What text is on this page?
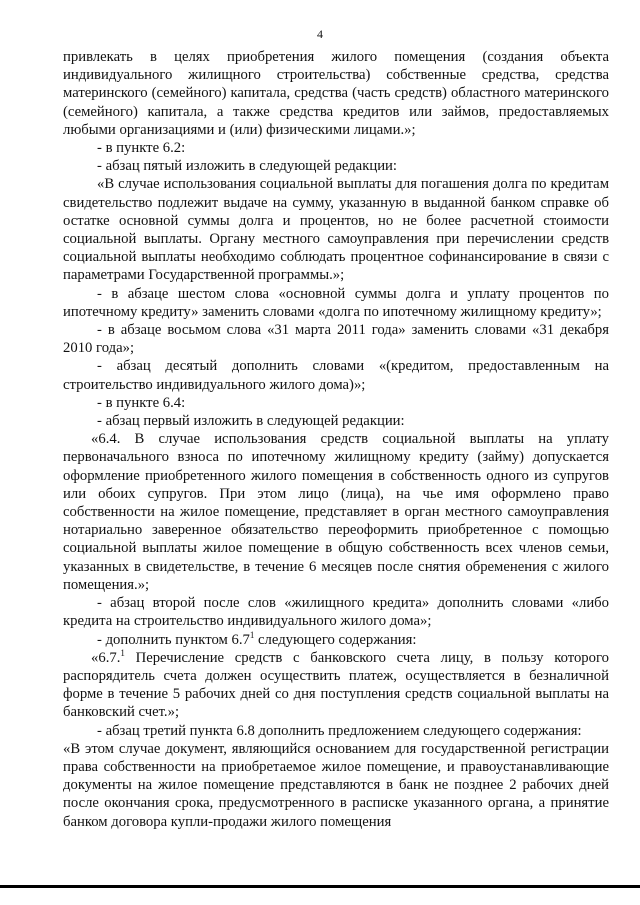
4

привлекать в целях приобретения жилого помещения (создания объекта индивидуального жилищного строительства) собственные средства, средства материнского (семейного) капитала, средства (часть средств) областного материнского (семейного) капитала, а также средства кредитов или займов, предоставляемых любыми организациями и (или) физическими лицами.»;

- в пункте 6.2:

- абзац пятый изложить в следующей редакции:

«В случае использования социальной выплаты для погашения долга по кредитам свидетельство подлежит выдаче на сумму, указанную в выданной банком справке об остатке основной суммы долга и процентов, но не более расчетной стоимости социальной выплаты. Органу местного самоуправления при перечислении средств социальной выплаты необходимо соблюдать процентное софинансирование в связи с параметрами Государственной программы.»;

- в абзаце шестом слова «основной суммы долга и уплату процентов по ипотечному кредиту» заменить словами «долга по ипотечному жилищному кредиту»;

- в абзаце восьмом слова «31 марта 2011 года» заменить словами «31 декабря 2010 года»;

- абзац десятый дополнить словами «(кредитом, предоставленным на строительство индивидуального жилого дома)»;

- в пункте 6.4:

- абзац первый изложить в следующей редакции:

«6.4. В случае использования средств социальной выплаты на уплату первоначального взноса по ипотечному жилищному кредиту (займу) допускается оформление приобретенного жилого помещения в собственность одного из супругов или обоих супругов. При этом лицо (лица), на чье имя оформлено право собственности на жилое помещение, представляет в орган местного самоуправления нотариально заверенное обязательство переоформить приобретенное с помощью социальной выплаты жилое помещение в общую собственность всех членов семьи, указанных в свидетельстве, в течение 6 месяцев после снятия обременения с жилого помещения.»;

- абзац второй после слов «жилищного кредита» дополнить словами «либо кредита на строительство индивидуального жилого дома»;

- дополнить пунктом $6.7^1$ следующего содержания:

«6.7.$^1$ Перечисление средств с банковского счета лицу, в пользу которого распорядитель счета должен осуществить платеж, осуществляется в безналичной форме в течение 5 рабочих дней со дня поступления средств социальной выплаты на банковский счет.»;

- абзац третий пункта 6.8 дополнить предложением следующего содержания:

«В этом случае документ, являющийся основанием для государственной регистрации права собственности на приобретаемое жилое помещение, и правоустанавливающие документы на жилое помещение представляются в банк не позднее 2 рабочих дней после окончания срока, предусмотренного в расписке указанного органа, а принятие банком договора купли-продажи жилого помещения
